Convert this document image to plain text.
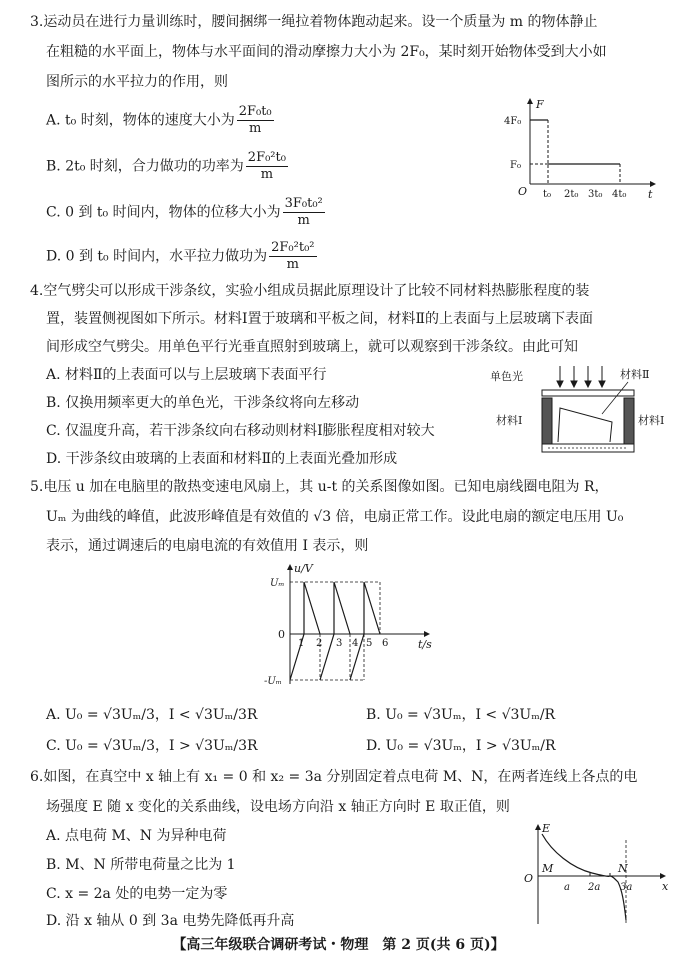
3.运动员在进行力量训练时，腰间捆绑一绳拉着物体跑动起来。设一个质量为 m 的物体静止
在粗糙的水平面上，物体与水平面间的滑动摩擦力大小为 2F₀，某时刻开始物体受到大小如
图所示的水平拉力的作用，则
A. t₀ 时刻，物体的速度大小为 $\frac{\text{2F₀t₀}}{m}$
B. 2t₀ 时刻，合力做功的功率为 $\frac{\text{2F₀²t₀}}{m}$
C. 0 到 t₀ 时间内，物体的位移大小为 $\frac{\text{3F₀t₀²}}{m}$
D. 0 到 t₀ 时间内，水平拉力做功为 $\frac{\text{2F₀²t₀²}}{m}$
F
t
O
4F₀
F₀
t₀ 2t₀ 3t₀ 4t₀
4.空气劈尖可以形成干涉条纹，实验小组成员据此原理设计了比较不同材料热膨胀程度的装
置，装置侧视图如下所示。材料Ⅰ置于玻璃和平板之间，材料Ⅱ的上表面与上层玻璃下表面
间形成空气劈尖。用单色平行光垂直照射到玻璃上，就可以观察到干涉条纹。由此可知
A. 材料Ⅱ的上表面可以与上层玻璃下表面平行
B. 仅换用频率更大的单色光，干涉条纹将向左移动
C. 仅温度升高，若干涉条纹向右移动则材料Ⅰ膨胀程度相对较大
D. 干涉条纹由玻璃的上表面和材料Ⅱ的上表面光叠加形成
单色光	材料Ⅱ
材料Ⅰ	材料Ⅰ
5.电压 u 加在电脑里的散热变速电风扇上，其 u-t 的关系图像如图。已知电扇线圈电阻为 R，
Uₘ 为曲线的峰值，此波形峰值是有效值的 √3 倍，电扇正常工作。设此电扇的额定电压用 U₀
表示，通过调速后的电扇电流的有效值用 I 表示，则
u/V
t/s
0
Uₘ
-Uₘ
1 2 3 4 5 6
A. U₀ = √3Uₘ/3，I < √3Uₘ/3R	B. U₀ = √3Uₘ，I < √3Uₘ/R
C. U₀ = √3Uₘ/3，I > √3Uₘ/3R	D. U₀ = √3Uₘ，I > √3Uₘ/R
6.如图，在真空中 x 轴上有 x₁ = 0 和 x₂ = 3a 分别固定着点电荷 M、N，在两者连线上各点的电
场强度 E 随 x 变化的关系曲线，设电场方向沿 x 轴正方向时 E 取正值，则
A. 点电荷 M、N 为异种电荷
B. M、N 所带电荷量之比为 1
C. x = 2a 处的电势一定为零
D. 沿 x 轴从 0 到 3a 电势先降低再升高
E
x
O
M	N
a 2a 3a
【高三年级联合调研考试・物理　第 2 页(共 6 页)】
